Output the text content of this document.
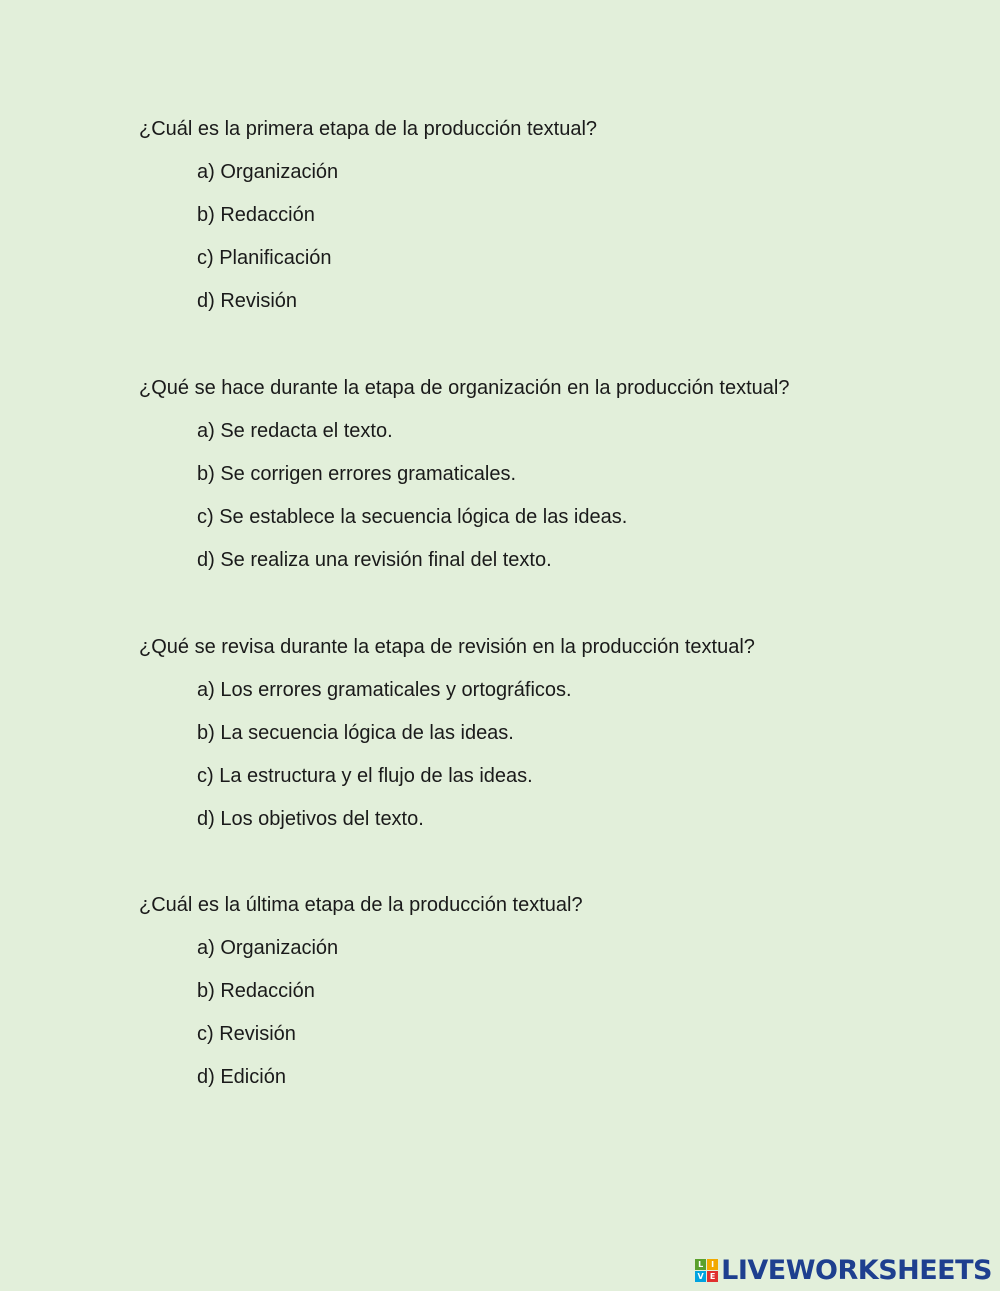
¿Cuál es la primera etapa de la producción textual?

a) Organización
b) Redacción
c) Planificación
d) Revisión

¿Qué se hace durante la etapa de organización en la producción textual?

a) Se redacta el texto.
b) Se corrigen errores gramaticales.
c) Se establece la secuencia lógica de las ideas.
d) Se realiza una revisión final del texto.

¿Qué se revisa durante la etapa de revisión en la producción textual?

a) Los errores gramaticales y ortográficos.
b) La secuencia lógica de las ideas.
c) La estructura y el flujo de las ideas.
d) Los objetivos del texto.

¿Cuál es la última etapa de la producción textual?

a) Organización
b) Redacción
c) Revisión
d) Edición
L I
V E LIVEWORKSHEETS
